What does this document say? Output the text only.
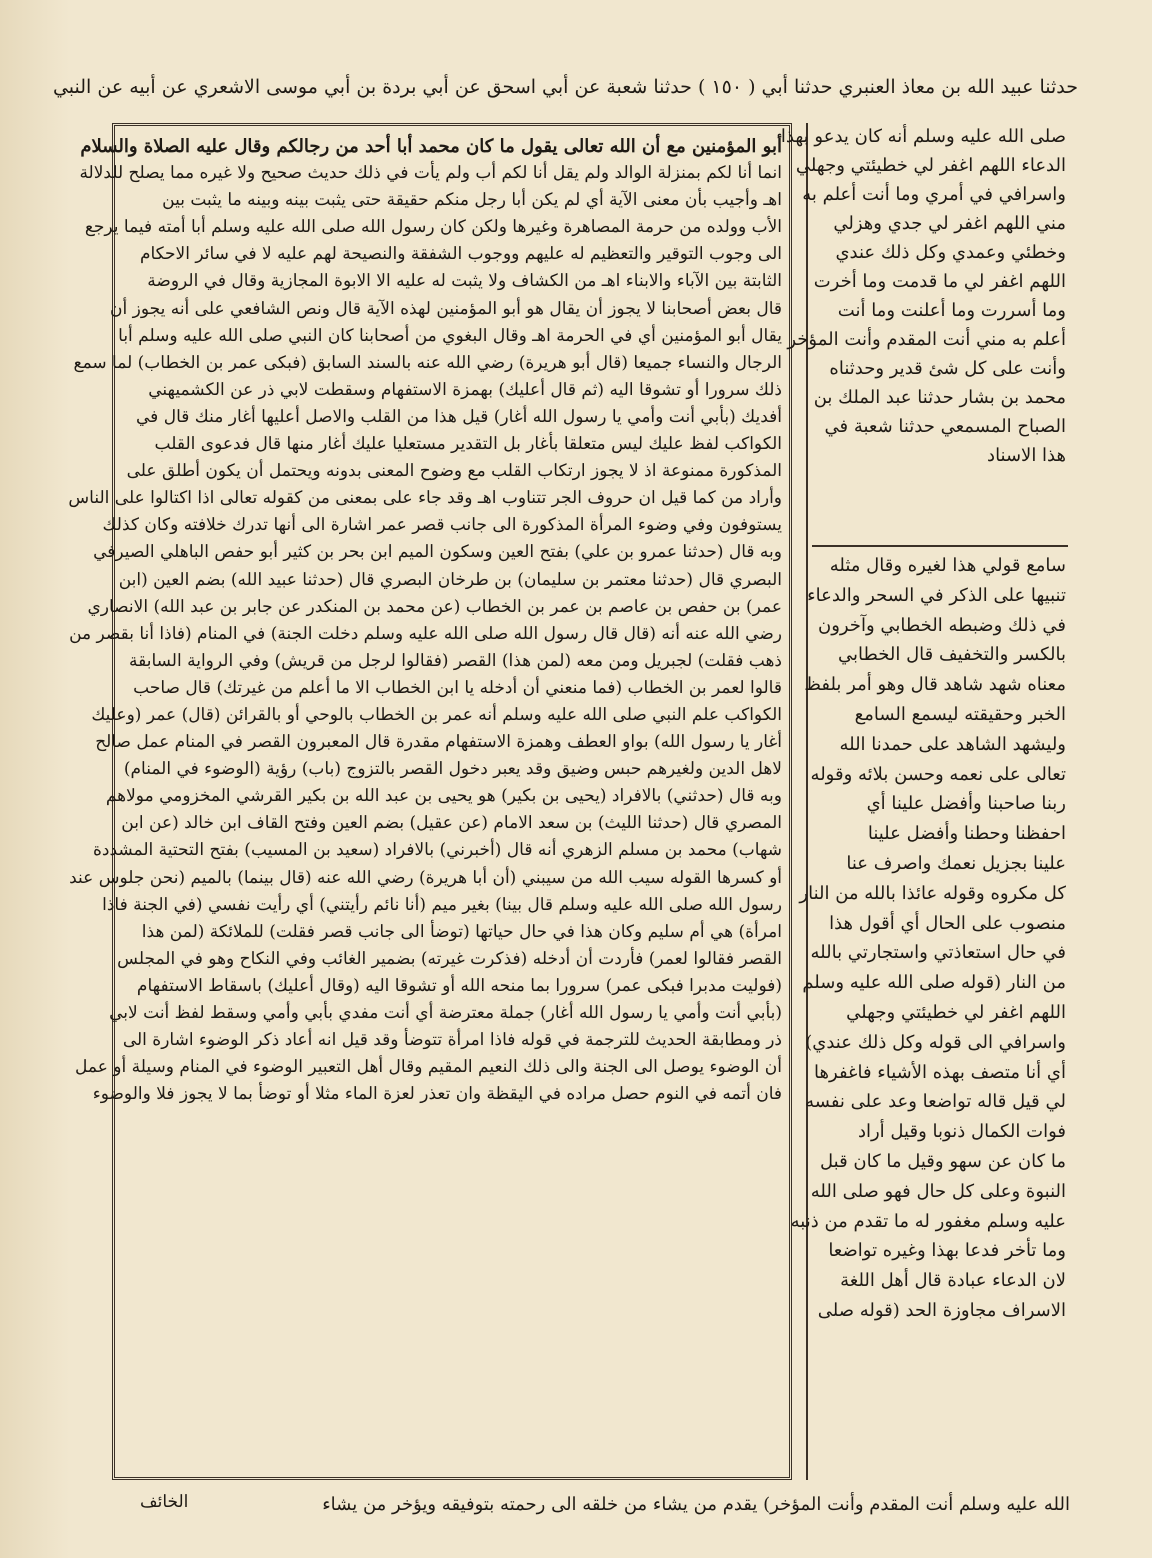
حدثنا عبيد الله بن معاذ العنبري حدثنا أبي ( ١٥٠ ) حدثنا شعبة عن أبي اسحق عن أبي بردة بن أبي موسى الاشعري عن أبيه عن النبي
أبو المؤمنين مع أن الله تعالى يقول ما كان محمد أبا أحد من رجالكم وقال عليه الصلاة والسلام
انما أنا لكم بمنزلة الوالد ولم يقل أنا لكم أب ولم يأت في ذلك حديث صحيح ولا غيره مما يصلح للدلالة
اهـ وأجيب بأن معنى الآية أي لم يكن أبا رجل منكم حقيقة حتى يثبت بينه وبينه ما يثبت بين
الأب وولده من حرمة المصاهرة وغيرها ولكن كان رسول الله صلى الله عليه وسلم أبا أمته فيما يرجع
الى وجوب التوقير والتعظيم له عليهم ووجوب الشفقة والنصيحة لهم عليه لا في سائر الاحكام
الثابتة بين الآباء والابناء اهـ من الكشاف ولا يثبت له عليه الا الابوة المجازية وقال في الروضة
قال بعض أصحابنا لا يجوز أن يقال هو أبو المؤمنين لهذه الآية قال ونص الشافعي على أنه يجوز أن
يقال أبو المؤمنين أي في الحرمة اهـ وقال البغوي من أصحابنا كان النبي صلى الله عليه وسلم أبا
الرجال والنساء جميعا (قال أبو هريرة) رضي الله عنه بالسند السابق (فبكى عمر بن الخطاب) لما سمع
ذلك سرورا أو تشوقا اليه (ثم قال أعليك) بهمزة الاستفهام وسقطت لابي ذر عن الكشميهني
أفديك (بأبي أنت وأمي يا رسول الله أغار) قيل هذا من القلب والاصل أعليها أغار منك قال في
الكواكب لفظ عليك ليس متعلقا بأغار بل التقدير مستعليا عليك أغار منها قال فدعوى القلب
المذكورة ممنوعة اذ لا يجوز ارتكاب القلب مع وضوح المعنى بدونه ويحتمل أن يكون أطلق على
وأراد من كما قيل ان حروف الجر تتناوب اهـ وقد جاء على بمعنى من كقوله تعالى اذا اكتالوا على الناس
يستوفون وفي وضوء المرأة المذكورة الى جانب قصر عمر اشارة الى أنها تدرك خلافته وكان كذلك
وبه قال (حدثنا عمرو بن علي) بفتح العين وسكون الميم ابن بحر بن كثير أبو حفص الباهلي الصيرفي
البصري قال (حدثنا معتمر بن سليمان) بن طرخان البصري قال (حدثنا عبيد الله) بضم العين (ابن
عمر) بن حفص بن عاصم بن عمر بن الخطاب (عن محمد بن المنكدر عن جابر بن عبد الله) الانصاري
رضي الله عنه أنه (قال قال رسول الله صلى الله عليه وسلم دخلت الجنة) في المنام (فاذا أنا بقصر من
ذهب فقلت) لجبريل ومن معه (لمن هذا) القصر (فقالوا لرجل من قريش) وفي الرواية السابقة
قالوا لعمر بن الخطاب (فما منعني أن أدخله يا ابن الخطاب الا ما أعلم من غيرتك) قال صاحب
الكواكب علم النبي صلى الله عليه وسلم أنه عمر بن الخطاب بالوحي أو بالقرائن (قال) عمر (وعليك
أغار يا رسول الله) بواو العطف وهمزة الاستفهام مقدرة قال المعبرون القصر في المنام عمل صالح
لاهل الدين ولغيرهم حبس وضيق وقد يعبر دخول القصر بالتزوج (باب) رؤية (الوضوء في المنام)
وبه قال (حدثني) بالافراد (يحيى بن بكير) هو يحيى بن عبد الله بن بكير القرشي المخزومي مولاهم
المصري قال (حدثنا الليث) بن سعد الامام (عن عقيل) بضم العين وفتح القاف ابن خالد (عن ابن
شهاب) محمد بن مسلم الزهري أنه قال (أخبرني) بالافراد (سعيد بن المسيب) بفتح التحتية المشددة
أو كسرها القوله سيب الله من سيبني (أن أبا هريرة) رضي الله عنه (قال بينما) بالميم (نحن جلوس عند
رسول الله صلى الله عليه وسلم قال بينا) بغير ميم (أنا نائم رأيتني) أي رأيت نفسي (في الجنة فاذا
امرأة) هي أم سليم وكان هذا في حال حياتها (توضأ الى جانب قصر فقلت) للملائكة (لمن هذا
القصر فقالوا لعمر) فأردت أن أدخله (فذكرت غيرته) بضمير الغائب وفي النكاح وهو في المجلس
(فوليت مدبرا فبكى عمر) سرورا بما منحه الله أو تشوقا اليه (وقال أعليك) باسقاط الاستفهام
(بأبي أنت وأمي يا رسول الله أغار) جملة معترضة أي أنت مفدي بأبي وأمي وسقط لفظ أنت لابي
ذر ومطابقة الحديث للترجمة في قوله فاذا امرأة تتوضأ وقد قيل انه أعاد ذكر الوضوء اشارة الى
أن الوضوء يوصل الى الجنة والى ذلك النعيم المقيم وقال أهل التعبير الوضوء في المنام وسيلة أو عمل
فان أتمه في النوم حصل مراده في اليقظة وان تعذر لعزة الماء مثلا أو توضأ بما لا يجوز فلا والوضوء
صلى الله عليه وسلم أنه كان يدعو بهذا
الدعاء اللهم اغفر لي خطيئتي وجهلي
واسرافي في أمري وما أنت أعلم به
مني اللهم اغفر لي جدي وهزلي
وخطئي وعمدي وكل ذلك عندي
اللهم اغفر لي ما قدمت وما أخرت
وما أسررت وما أعلنت وما أنت
أعلم به مني أنت المقدم وأنت المؤخر
وأنت على كل شئ قدير وحدثناه
محمد بن بشار حدثنا عبد الملك بن
الصباح المسمعي حدثنا شعبة في
هذا الاسناد
سامع قولي هذا لغيره وقال مثله
تنبيها على الذكر في السحر والدعاء
في ذلك وضبطه الخطابي وآخرون
بالكسر والتخفيف قال الخطابي
معناه شهد شاهد قال وهو أمر بلفظ
الخبر وحقيقته ليسمع السامع
وليشهد الشاهد على حمدنا الله
تعالى على نعمه وحسن بلائه وقوله
ربنا صاحبنا وأفضل علينا أي
احفظنا وحطنا وأفضل علينا
علينا بجزيل نعمك واصرف عنا
كل مكروه وقوله عائذا بالله من النار
منصوب على الحال أي أقول هذا
في حال استعاذتي واستجارتي بالله
من النار (قوله صلى الله عليه وسلم
اللهم اغفر لي خطيئتي وجهلي
واسرافي الى قوله وكل ذلك عندي)
أي أنا متصف بهذه الأشياء فاغفرها
لي قيل قاله تواضعا وعد على نفسه
فوات الكمال ذنوبا وقيل أراد
ما كان عن سهو وقيل ما كان قبل
النبوة وعلى كل حال فهو صلى الله
عليه وسلم مغفور له ما تقدم من ذنبه
وما تأخر فدعا بهذا وغيره تواضعا
لان الدعاء عبادة قال أهل اللغة
الاسراف مجاوزة الحد (قوله صلى
الله عليه وسلم أنت المقدم وأنت المؤخر) يقدم من يشاء من خلقه الى رحمته بتوفيقه ويؤخر من يشاء
الخائف
